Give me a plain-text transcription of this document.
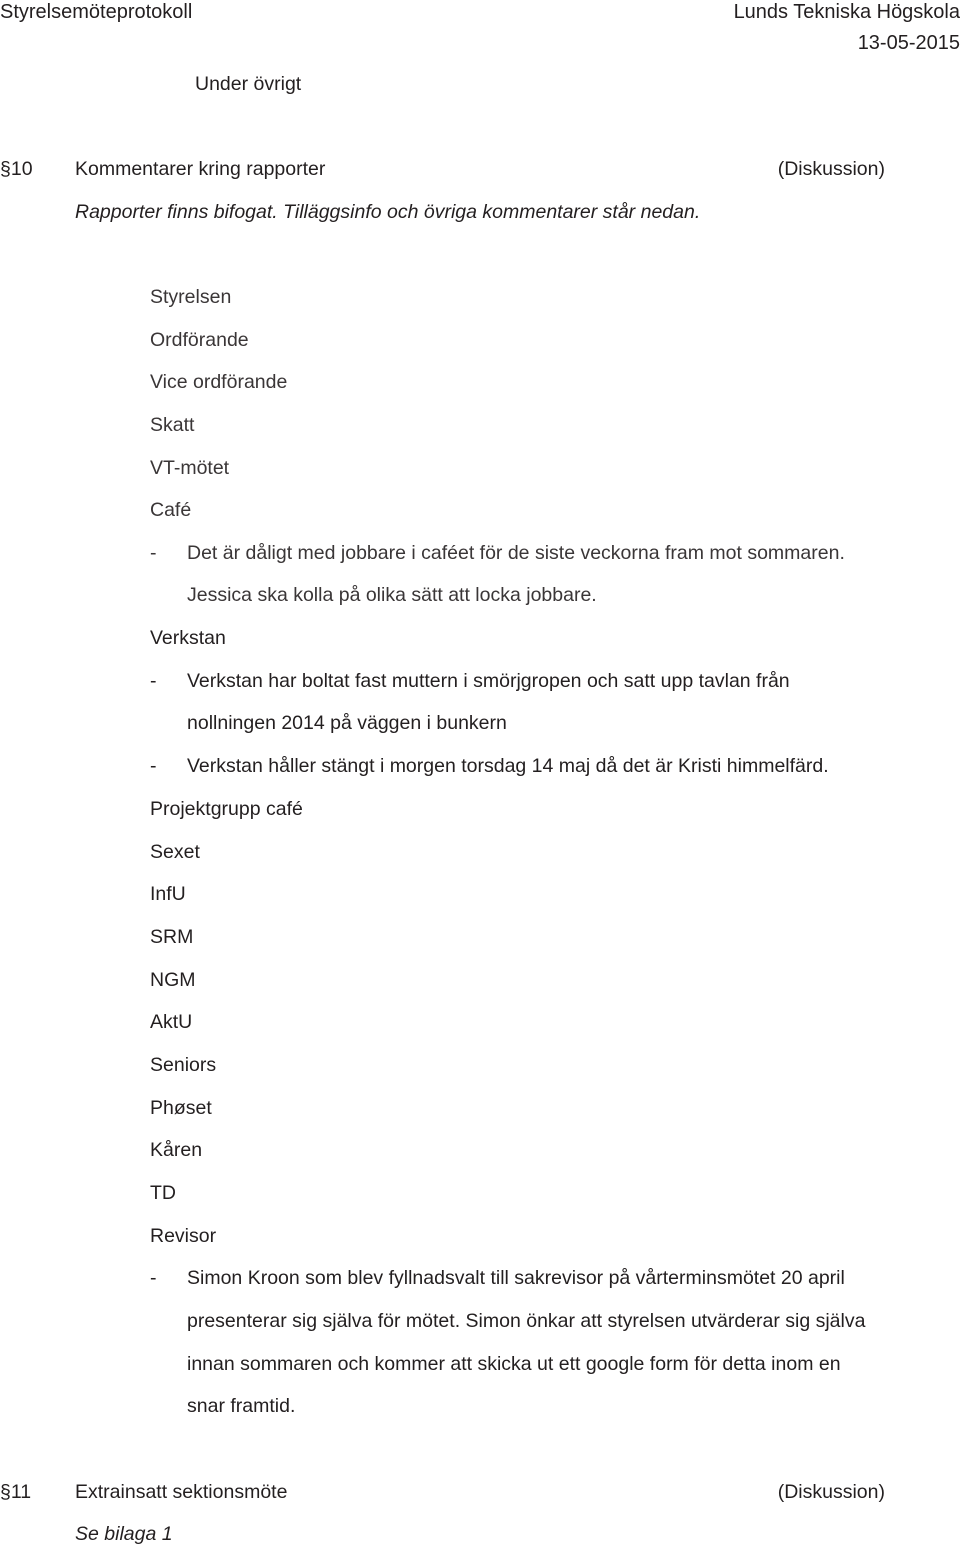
Styrelsemöteprotokoll	Lunds Tekniska Högskola
13-05-2015
Under övrigt
§10 Kommentarer kring rapporter	(Diskussion)
Rapporter finns bifogat. Tilläggsinfo och övriga kommentarer står nedan.
Styrelsen
Ordförande
Vice ordförande
Skatt
VT-mötet
Café
- Det är dåligt med jobbare i caféet för de siste veckorna fram mot sommaren.
Jessica ska kolla på olika sätt att locka jobbare.
Verkstan
- Verkstan har boltat fast muttern i smörjgropen och satt upp tavlan från
nollningen 2014 på väggen i bunkern
- Verkstan håller stängt i morgen torsdag 14 maj då det är Kristi himmelfärd.
Projektgrupp café
Sexet
InfU
SRM
NGM
AktU
Seniors
Phøset
Kåren
TD
Revisor
- Simon Kroon som blev fyllnadsvalt till sakrevisor på vårterminsmötet 20 april
presenterar sig själva för mötet. Simon önkar att styrelsen utvärderar sig själva
innan sommaren och kommer att skicka ut ett google form för detta inom en
snar framtid.
§11 Extrainsatt sektionsmöte	(Diskussion)
Se bilaga 1
